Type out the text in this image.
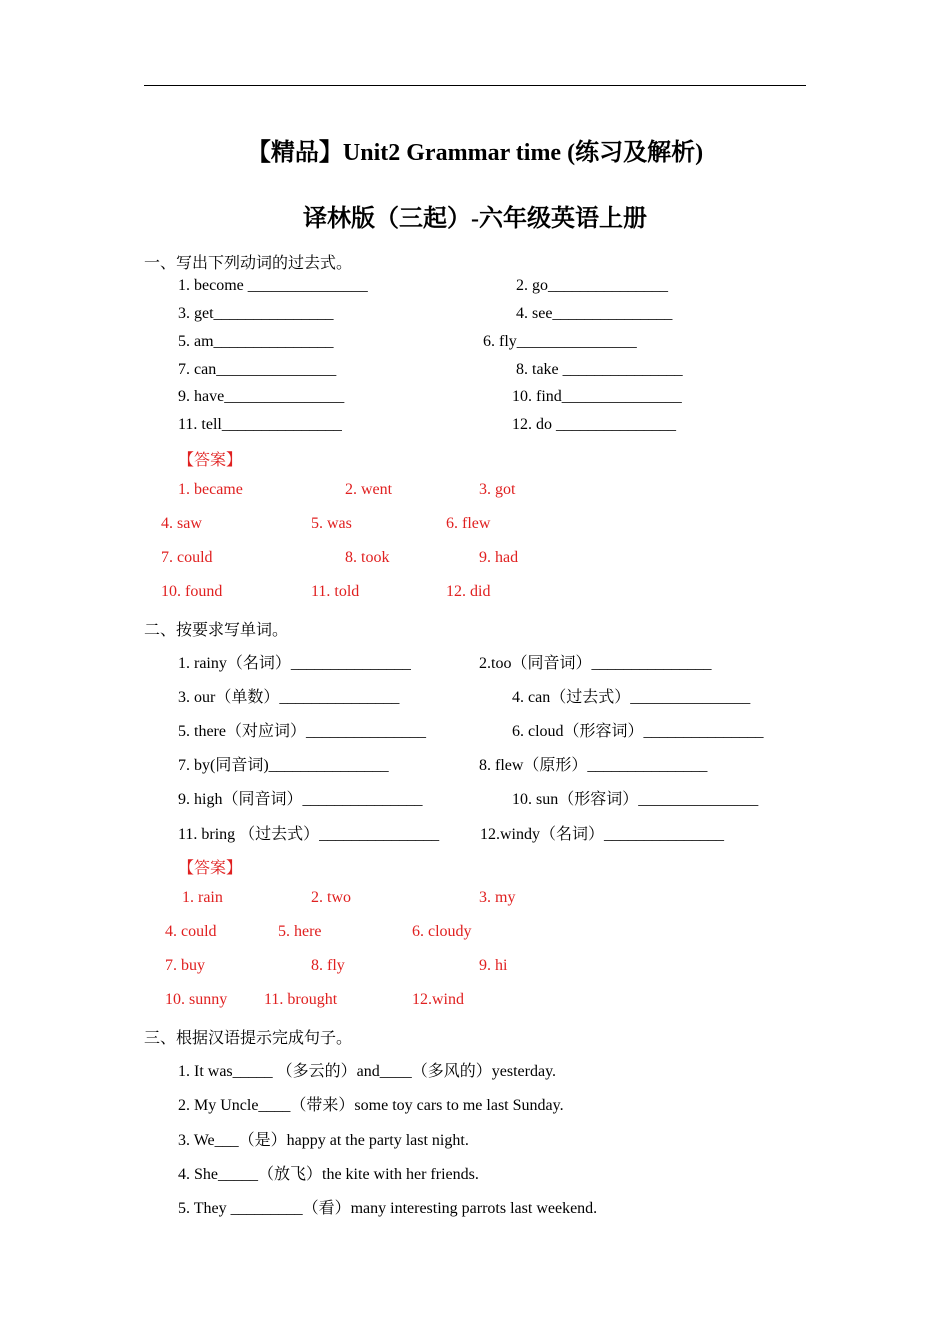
【精品】Unit2 Grammar time (练习及解析)
译林版（三起）-六年级英语上册
一、写出下列动词的过去式。
1. become _______________	2. go_______________
3. get_______________	4. see_______________
5. am_______________	6. fly_______________
7. can_______________	8. take _______________
9. have_______________	10. find_______________
11. tell_______________	12. do _______________
【答案】
1. became	2. went	3. got
4. saw	5. was	6. flew
7. could	8. took	9. had
10. found	11. told	12. did
二、按要求写单词。
1. rainy（名词）_______________	2.too（同音词）_______________
3. our（单数）_______________	4. can（过去式）_______________
5. there（对应词）_______________	6. cloud（形容词）_______________
7. by(同音词)_______________	8. flew（原形）_______________
9. high（同音词）_______________	10. sun（形容词）_______________
11. bring （过去式）_______________	12.windy（名词）_______________
【答案】
1. rain	2. two	3. my
4. could	5. here	6. cloudy
7. buy	8. fly	9. hi
10. sunny 11. brought	12.wind
三、根据汉语提示完成句子。
1. It was_____ （多云的）and____（多风的）yesterday.
2. My Uncle____（带来）some toy cars to me last Sunday.
3. We___（是）happy at the party last night.
4. She_____（放飞）the kite with her friends.
5. They _________（看）many interesting parrots last weekend.
